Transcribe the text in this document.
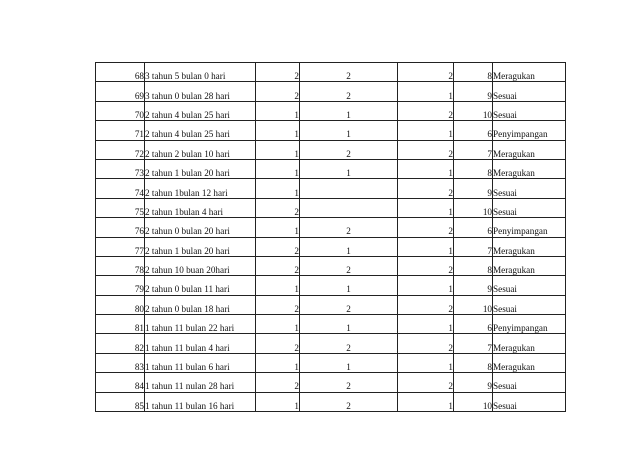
68	3 tahun 5 bulan 0 hari	2	2	2	8	Meragukan
69	3 tahun 0 bulan 28 hari	2	2	1	9	Sesuai
70	2 tahun 4 bulan 25 hari	1	1	2	10	Sesuai
71	2 tahun 4 bulan 25 hari	1	1	1	6	Penyimpangan
72	2 tahun 2 bulan 10 hari	1	2	2	7	Meragukan
73	2 tahun 1 bulan 20 hari	1	1	1	8	Meragukan
74	2 tahun 1bulan 12 hari	1		2	9	Sesuai
75	2 tahun 1bulan 4 hari	2		1	10	Sesuai
76	2 tahun 0 bulan 20 hari	1	2	2	6	Penyimpangan
77	2 tahun 1 bulan 20 hari	2	1	1	7	Meragukan
78	2 tahun 10 buan 20hari	2	2	2	8	Meragukan
79	2 tahun 0 bulan 11 hari	1	1	1	9	Sesuai
80	2 tahun 0 bulan 18 hari	2	2	2	10	Sesuai
81	1 tahun 11 bulan 22 hari	1	1	1	6	Penyimpangan
82	1 tahun 11 bulan 4 hari	2	2	2	7	Meragukan
83	1 tahun 11 bulan 6 hari	1	1	1	8	Meragukan
84	1 tahun 11 nulan 28 hari	2	2	2	9	Sesuai
85	1 tahun 11 bulan 16 hari	1	2	1	10	Sesuai
